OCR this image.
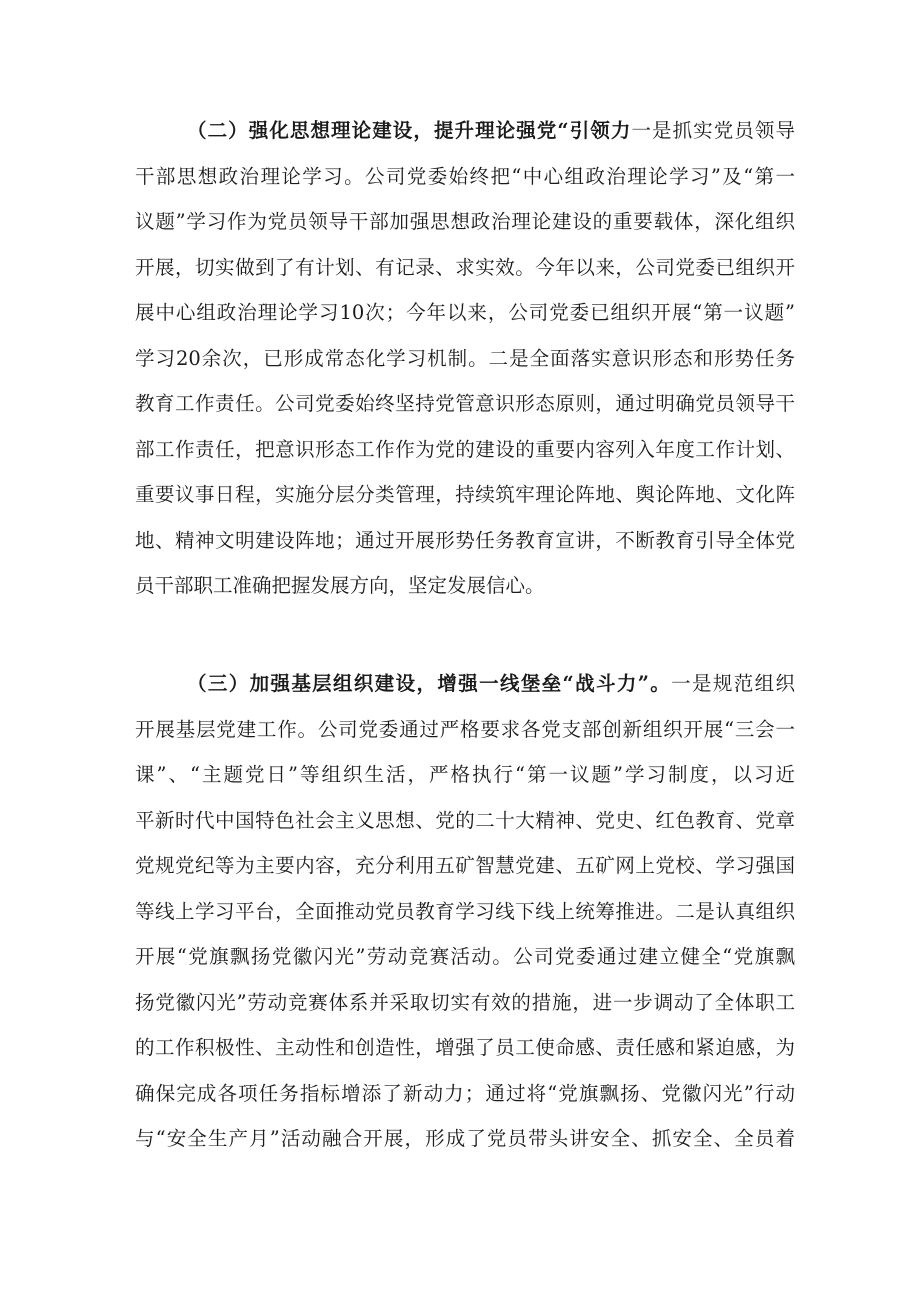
（二）强化思想理论建设，提升理论强党“引领力一是抓实党员领导
干部思想政治理论学习。公司党委始终把“中心组政治理论学习”及“第一
议题”学习作为党员领导干部加强思想政治理论建设的重要载体，深化组织
开展，切实做到了有计划、有记录、求实效。今年以来，公司党委已组织开
展中心组政治理论学习10次；今年以来，公司党委已组织开展“第一议题”
学习20余次，已形成常态化学习机制。二是全面落实意识形态和形势任务
教育工作责任。公司党委始终坚持党管意识形态原则，通过明确党员领导干
部工作责任，把意识形态工作作为党的建设的重要内容列入年度工作计划、
重要议事日程，实施分层分类管理，持续筑牢理论阵地、舆论阵地、文化阵
地、精神文明建设阵地；通过开展形势任务教育宣讲，不断教育引导全体党
员干部职工准确把握发展方向，坚定发展信心。
（三）加强基层组织建设，增强一线堡垒“战斗力”。一是规范组织
开展基层党建工作。公司党委通过严格要求各党支部创新组织开展“三会一
课”、“主题党日”等组织生活，严格执行“第一议题”学习制度，以习近
平新时代中国特色社会主义思想、党的二十大精神、党史、红色教育、党章
党规党纪等为主要内容，充分利用五矿智慧党建、五矿网上党校、学习强国
等线上学习平台，全面推动党员教育学习线下线上统筹推进。二是认真组织
开展“党旗飘扬党徽闪光”劳动竞赛活动。公司党委通过建立健全“党旗飘
扬党徽闪光”劳动竞赛体系并采取切实有效的措施，进一步调动了全体职工
的工作积极性、主动性和创造性，增强了员工使命感、责任感和紧迫感，为
确保完成各项任务指标增添了新动力；通过将“党旗飘扬、党徽闪光”行动
与“安全生产月”活动融合开展，形成了党员带头讲安全、抓安全、全员着
